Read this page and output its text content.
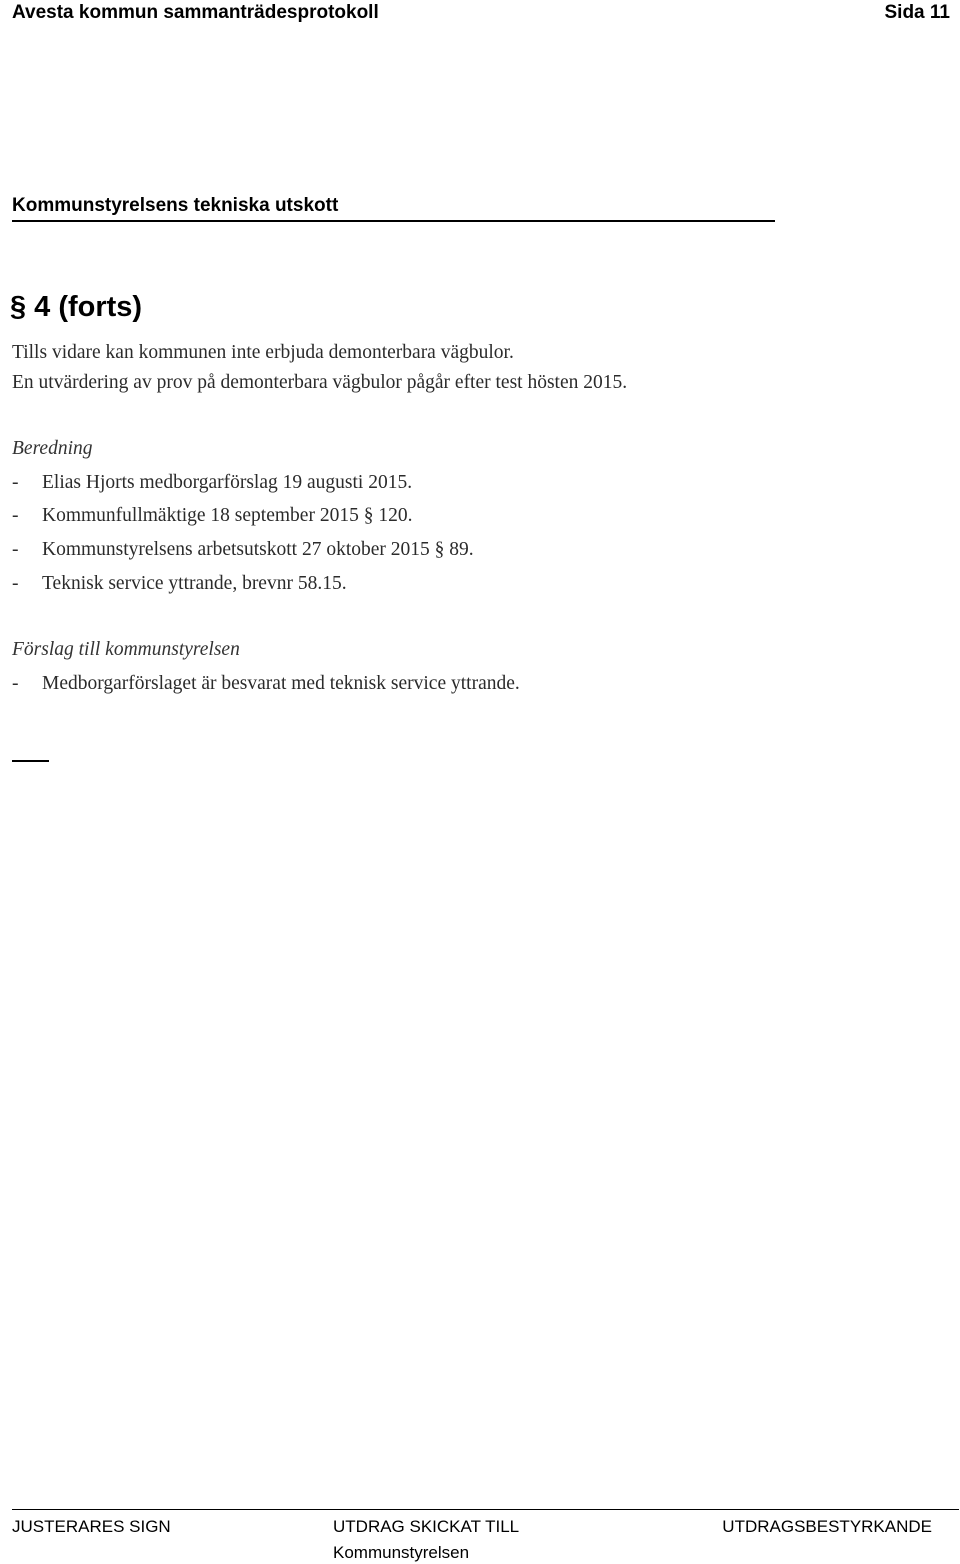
Avesta kommun sammanträdesprotokoll	Sida 11
Kommunstyrelsens tekniska utskott
§ 4 (forts)
Tills vidare kan kommunen inte erbjuda demonterbara vägbulor.
En utvärdering av prov på demonterbara vägbulor pågår efter test hösten 2015.
Beredning
- Elias Hjorts medborgarförslag 19 augusti 2015.
- Kommunfullmäktige 18 september 2015 § 120.
- Kommunstyrelsens arbetsutskott 27 oktober 2015 § 89.
- Teknisk service yttrande, brevnr 58.15.
Förslag till kommunstyrelsen
- Medborgarförslaget är besvarat med teknisk service yttrande.
JUSTERARES SIGN	UTDRAG SKICKAT TILL
Kommunstyrelsen
UTDRAGSBESTYRKANDE
